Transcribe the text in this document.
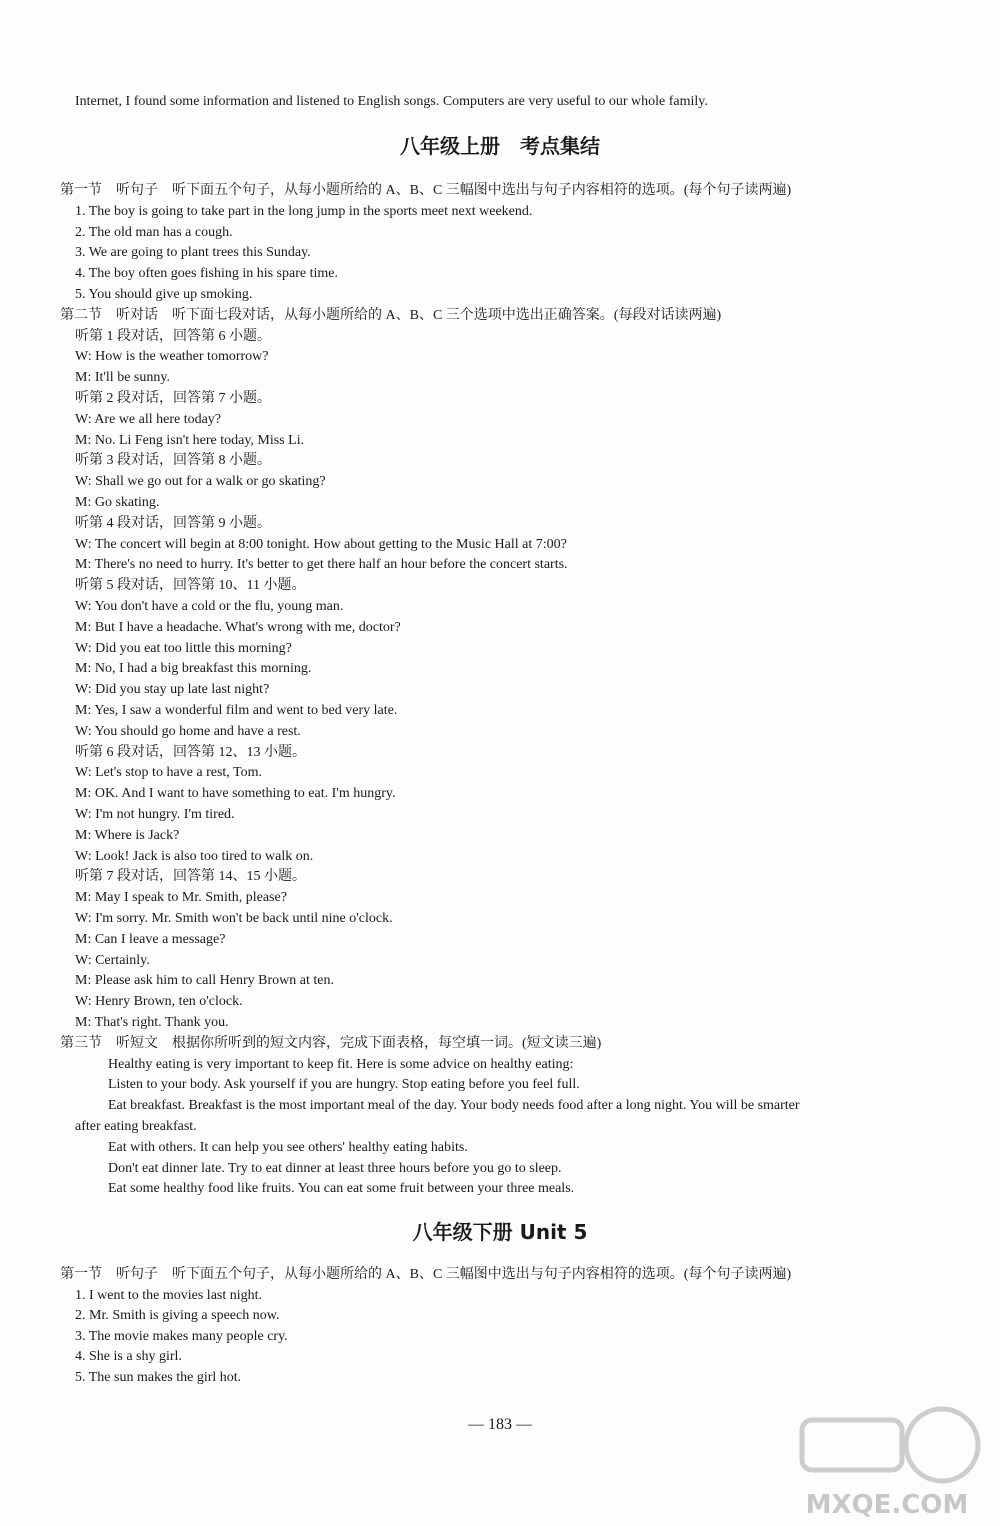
Internet, I found some information and listened to English songs. Computers are very useful to our whole family.
八年级上册　考点集结
第一节　听句子　听下面五个句子，从每小题所给的 A、B、C 三幅图中选出与句子内容相符的选项。(每个句子读两遍)
1. The boy is going to take part in the long jump in the sports meet next weekend.
2. The old man has a cough.
3. We are going to plant trees this Sunday.
4. The boy often goes fishing in his spare time.
5. You should give up smoking.
第二节　听对话　听下面七段对话，从每小题所给的 A、B、C 三个选项中选出正确答案。(每段对话读两遍)
听第 1 段对话，回答第 6 小题。
W: How is the weather tomorrow?
M: It'll be sunny.
听第 2 段对话，回答第 7 小题。
W: Are we all here today?
M: No. Li Feng isn't here today, Miss Li.
听第 3 段对话，回答第 8 小题。
W: Shall we go out for a walk or go skating?
M: Go skating.
听第 4 段对话，回答第 9 小题。
W: The concert will begin at 8:00 tonight. How about getting to the Music Hall at 7:00?
M: There's no need to hurry. It's better to get there half an hour before the concert starts.
听第 5 段对话，回答第 10、11 小题。
W: You don't have a cold or the flu, young man.
M: But I have a headache. What's wrong with me, doctor?
W: Did you eat too little this morning?
M: No, I had a big breakfast this morning.
W: Did you stay up late last night?
M: Yes, I saw a wonderful film and went to bed very late.
W: You should go home and have a rest.
听第 6 段对话，回答第 12、13 小题。
W: Let's stop to have a rest, Tom.
M: OK. And I want to have something to eat. I'm hungry.
W: I'm not hungry. I'm tired.
M: Where is Jack?
W: Look! Jack is also too tired to walk on.
听第 7 段对话，回答第 14、15 小题。
M: May I speak to Mr. Smith, please?
W: I'm sorry. Mr. Smith won't be back until nine o'clock.
M: Can I leave a message?
W: Certainly.
M: Please ask him to call Henry Brown at ten.
W: Henry Brown, ten o'clock.
M: That's right. Thank you.
第三节　听短文　根据你所听到的短文内容，完成下面表格，每空填一词。(短文读三遍)
Healthy eating is very important to keep fit. Here is some advice on healthy eating:
Listen to your body. Ask yourself if you are hungry. Stop eating before you feel full.
Eat breakfast. Breakfast is the most important meal of the day. Your body needs food after a long night. You will be smarter
after eating breakfast.
Eat with others. It can help you see others' healthy eating habits.
Don't eat dinner late. Try to eat dinner at least three hours before you go to sleep.
Eat some healthy food like fruits. You can eat some fruit between your three meals.
八年级下册 Unit 5
第一节　听句子　听下面五个句子，从每小题所给的 A、B、C 三幅图中选出与句子内容相符的选项。(每个句子读两遍)
1. I went to the movies last night.
2. Mr. Smith is giving a speech now.
3. The movie makes many people cry.
4. She is a shy girl.
5. The sun makes the girl hot.
— 183 —
MXQE.COM
